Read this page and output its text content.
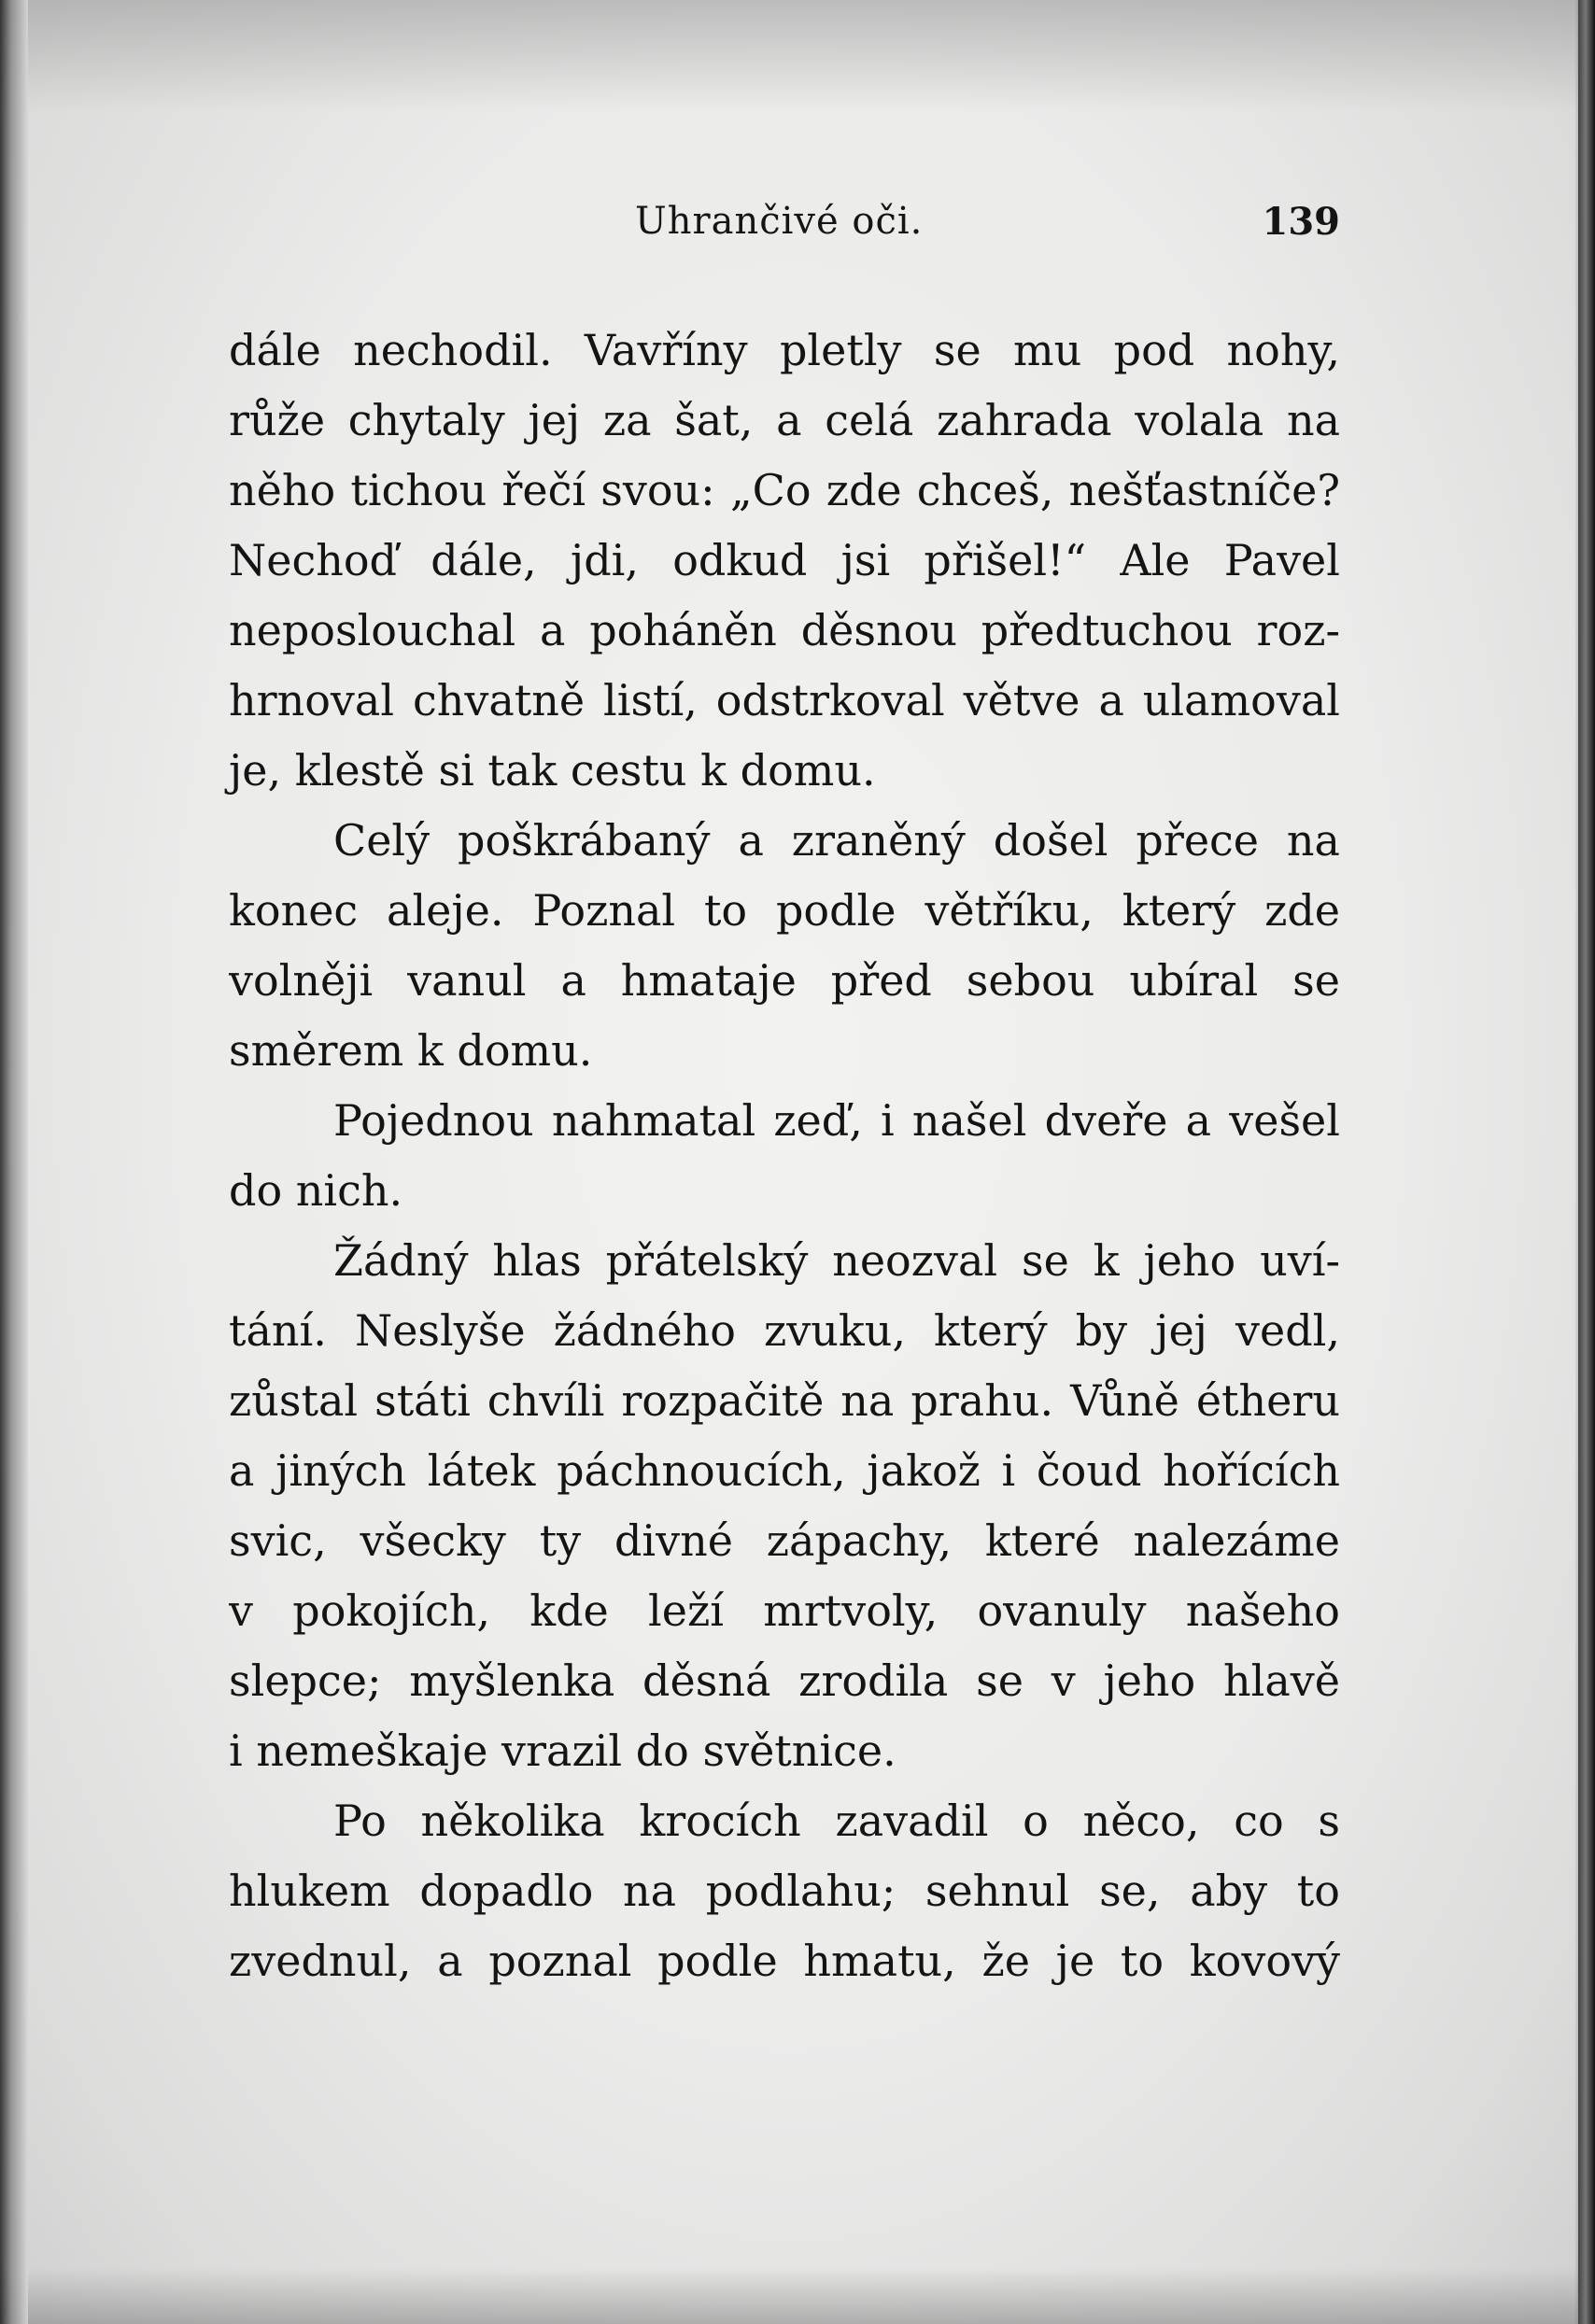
Uhrančivé oči.	139
dále nechodil. Vavříny pletly se mu pod nohy,
růže chytaly jej za šat, a celá zahrada volala na
něho tichou řečí svou: „Co zde chceš, nešťastníče?
Nechoď dále, jdi, odkud jsi přišel!“ Ale Pavel
neposlouchal a poháněn děsnou předtuchou roz-
hrnoval chvatně listí, odstrkoval větve a ulamoval
je, klestě si tak cestu k domu.
Celý poškrábaný a zraněný došel přece na
konec aleje. Poznal to podle větříku, který zde
volněji vanul a hmataje před sebou ubíral se
směrem k domu.
Pojednou nahmatal zeď, i našel dveře a vešel
do nich.
Žádný hlas přátelský neozval se k jeho uví-
tání. Neslyše žádného zvuku, který by jej vedl,
zůstal státi chvíli rozpačitě na prahu. Vůně étheru
a jiných látek páchnoucích, jakož i čoud hořících
svic, všecky ty divné zápachy, které nalezáme
v pokojích, kde leží mrtvoly, ovanuly našeho
slepce; myšlenka děsná zrodila se v jeho hlavě
i nemeškaje vrazil do světnice.
Po několika krocích zavadil o něco, co s
hlukem dopadlo na podlahu; sehnul se, aby to
zvednul, a poznal podle hmatu, že je to kovový
